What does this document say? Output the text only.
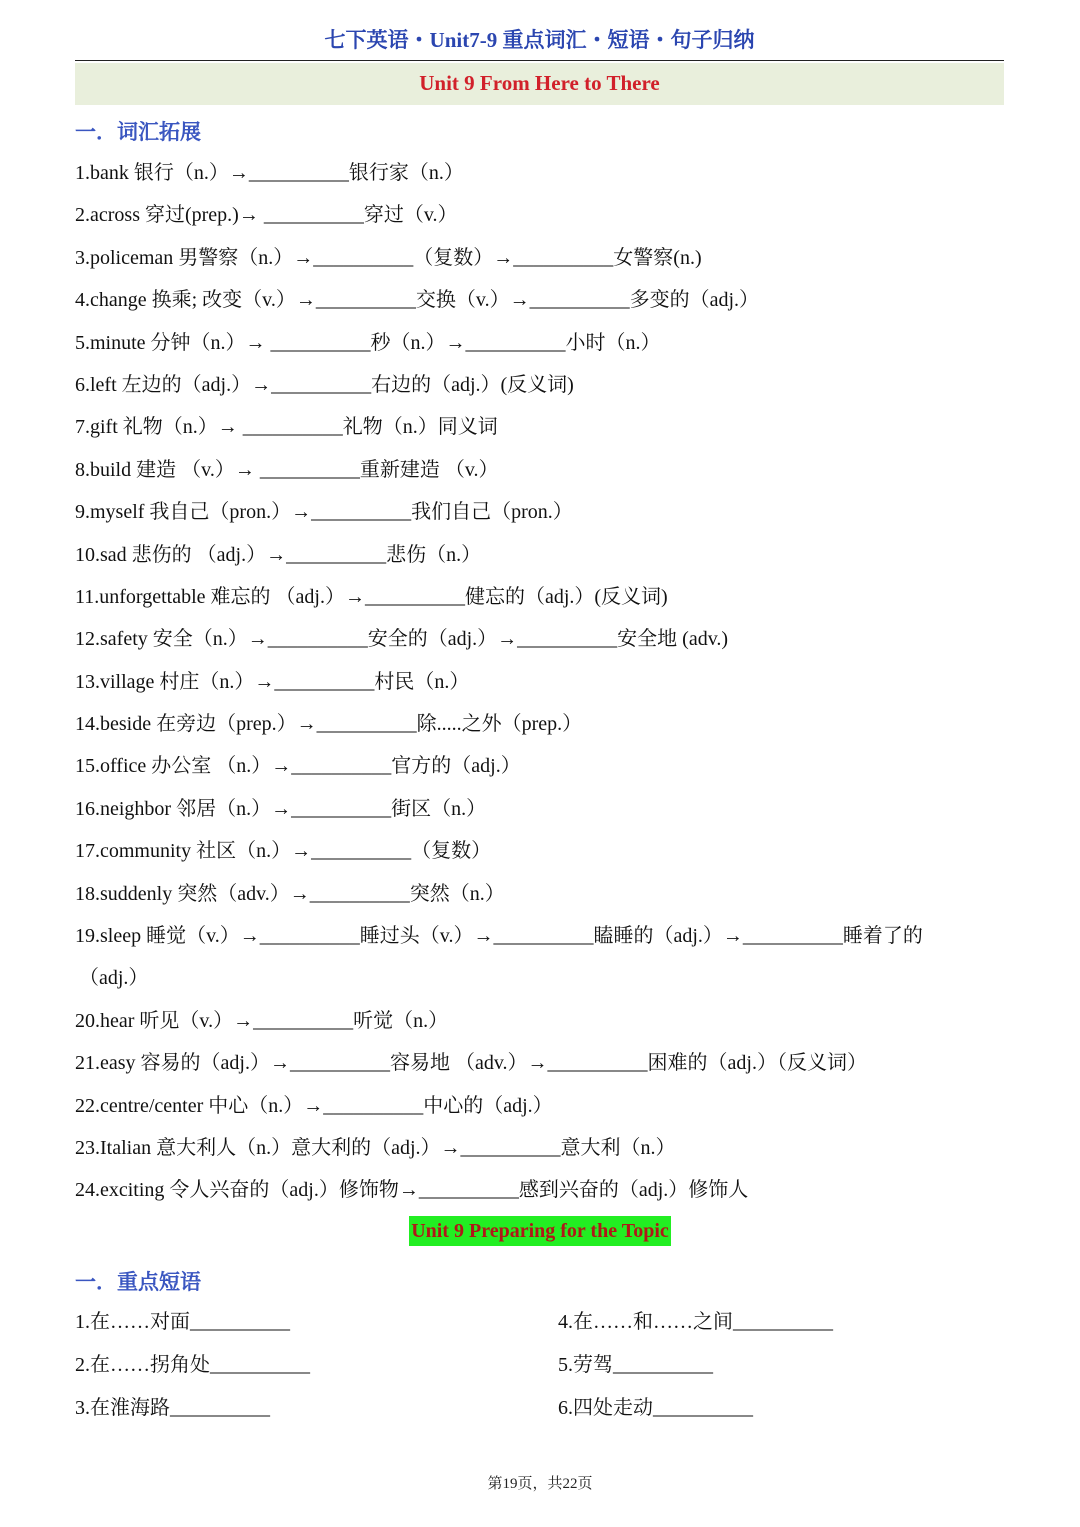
七下英语・Unit7-9 重点词汇・短语・句子归纳
Unit 9 From Here to There
一．词汇拓展
1.bank 银行（n.）→__________银行家（n.）
2.across 穿过(prep.)→ __________穿过（v.）
3.policeman 男警察（n.）→__________（复数）→__________女警察(n.)
4.change 换乘; 改变（v.）→__________交换（v.）→__________多变的（adj.）
5.minute 分钟（n.）→ __________秒（n.）→__________小时（n.）
6.left 左边的（adj.）→__________右边的（adj.）(反义词)
7.gift 礼物（n.）→ __________礼物（n.）同义词
8.build 建造 （v.）→ __________重新建造 （v.）
9.myself 我自己（pron.）→__________我们自己（pron.）
10.sad 悲伤的 （adj.）→__________悲伤（n.）
11.unforgettable 难忘的 （adj.）→__________健忘的（adj.）(反义词)
12.safety 安全（n.）→__________安全的（adj.）→__________安全地 (adv.)
13.village 村庄（n.）→__________村民（n.）
14.beside 在旁边（prep.）→__________除.....之外（prep.）
15.office 办公室 （n.）→__________官方的（adj.）
16.neighbor 邻居（n.）→__________街区（n.）
17.community 社区（n.）→__________（复数）
18.suddenly 突然（adv.）→__________突然（n.）
19.sleep 睡觉（v.）→__________睡过头（v.）→__________瞌睡的（adj.）→__________睡着了的
（adj.）
20.hear 听见（v.）→__________听觉（n.）
21.easy 容易的（adj.）→__________容易地 （adv.）→__________困难的（adj.）（反义词）
22.centre/center 中心（n.）→__________中心的（adj.）
23.Italian 意大利人（n.）意大利的（adj.）→__________意大利（n.）
24.exciting 令人兴奋的（adj.）修饰物→__________感到兴奋的（adj.）修饰人
Unit 9 Preparing for the Topic
一．重点短语
1.在……对面__________
2.在……拐角处__________
3.在淮海路__________
4.在……和……之间__________
5.劳驾__________
6.四处走动__________
第19页，共22页
